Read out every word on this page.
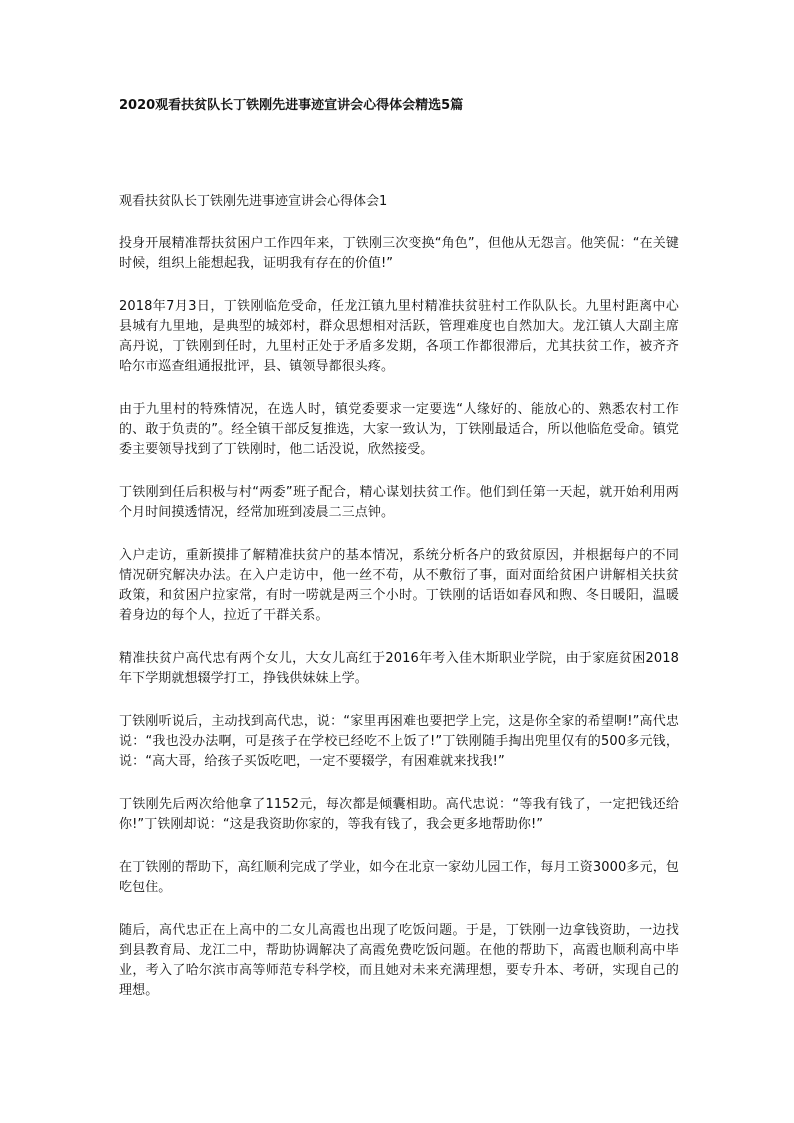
2020观看扶贫队长丁铁刚先进事迹宣讲会心得体会精选5篇
观看扶贫队长丁铁刚先进事迹宣讲会心得体会1

投身开展精准帮扶贫困户工作四年来，丁铁刚三次变换“角色”，但他从无怨言。他笑侃：“在关键时候，组织上能想起我，证明我有存在的价值!”

2018年7月3日，丁铁刚临危受命，任龙江镇九里村精准扶贫驻村工作队队长。九里村距离中心县城有九里地，是典型的城郊村，群众思想相对活跃，管理难度也自然加大。龙江镇人大副主席高丹说，丁铁刚到任时，九里村正处于矛盾多发期，各项工作都很滞后，尤其扶贫工作，被齐齐哈尔市巡查组通报批评，县、镇领导都很头疼。

由于九里村的特殊情况，在选人时，镇党委要求一定要选“人缘好的、能放心的、熟悉农村工作的、敢于负责的”。经全镇干部反复推选，大家一致认为，丁铁刚最适合，所以他临危受命。镇党委主要领导找到了丁铁刚时，他二话没说，欣然接受。

丁铁刚到任后积极与村“两委”班子配合，精心谋划扶贫工作。他们到任第一天起，就开始利用两个月时间摸透情况，经常加班到凌晨二三点钟。

入户走访，重新摸排了解精准扶贫户的基本情况，系统分析各户的致贫原因，并根据每户的不同情况研究解决办法。在入户走访中，他一丝不苟，从不敷衍了事，面对面给贫困户讲解相关扶贫政策，和贫困户拉家常，有时一唠就是两三个小时。丁铁刚的话语如春风和煦、冬日暖阳，温暖着身边的每个人，拉近了干群关系。

精准扶贫户高代忠有两个女儿，大女儿高红于2016年考入佳木斯职业学院，由于家庭贫困2018年下学期就想辍学打工，挣钱供妹妹上学。

丁铁刚听说后，主动找到高代忠，说：“家里再困难也要把学上完，这是你全家的希望啊!”高代忠说：“我也没办法啊，可是孩子在学校已经吃不上饭了!”丁铁刚随手掏出兜里仅有的500多元钱，说：“高大哥，给孩子买饭吃吧，一定不要辍学，有困难就来找我!”

丁铁刚先后两次给他拿了1152元，每次都是倾囊相助。高代忠说：“等我有钱了，一定把钱还给你!”丁铁刚却说：“这是我资助你家的，等我有钱了，我会更多地帮助你!”

在丁铁刚的帮助下，高红顺利完成了学业，如今在北京一家幼儿园工作，每月工资3000多元，包吃包住。

随后，高代忠正在上高中的二女儿高霞也出现了吃饭问题。于是，丁铁刚一边拿钱资助，一边找到县教育局、龙江二中，帮助协调解决了高霞免费吃饭问题。在他的帮助下，高霞也顺利高中毕业，考入了哈尔滨市高等师范专科学校，而且她对未来充满理想，要专升本、考研，实现自己的理想。
